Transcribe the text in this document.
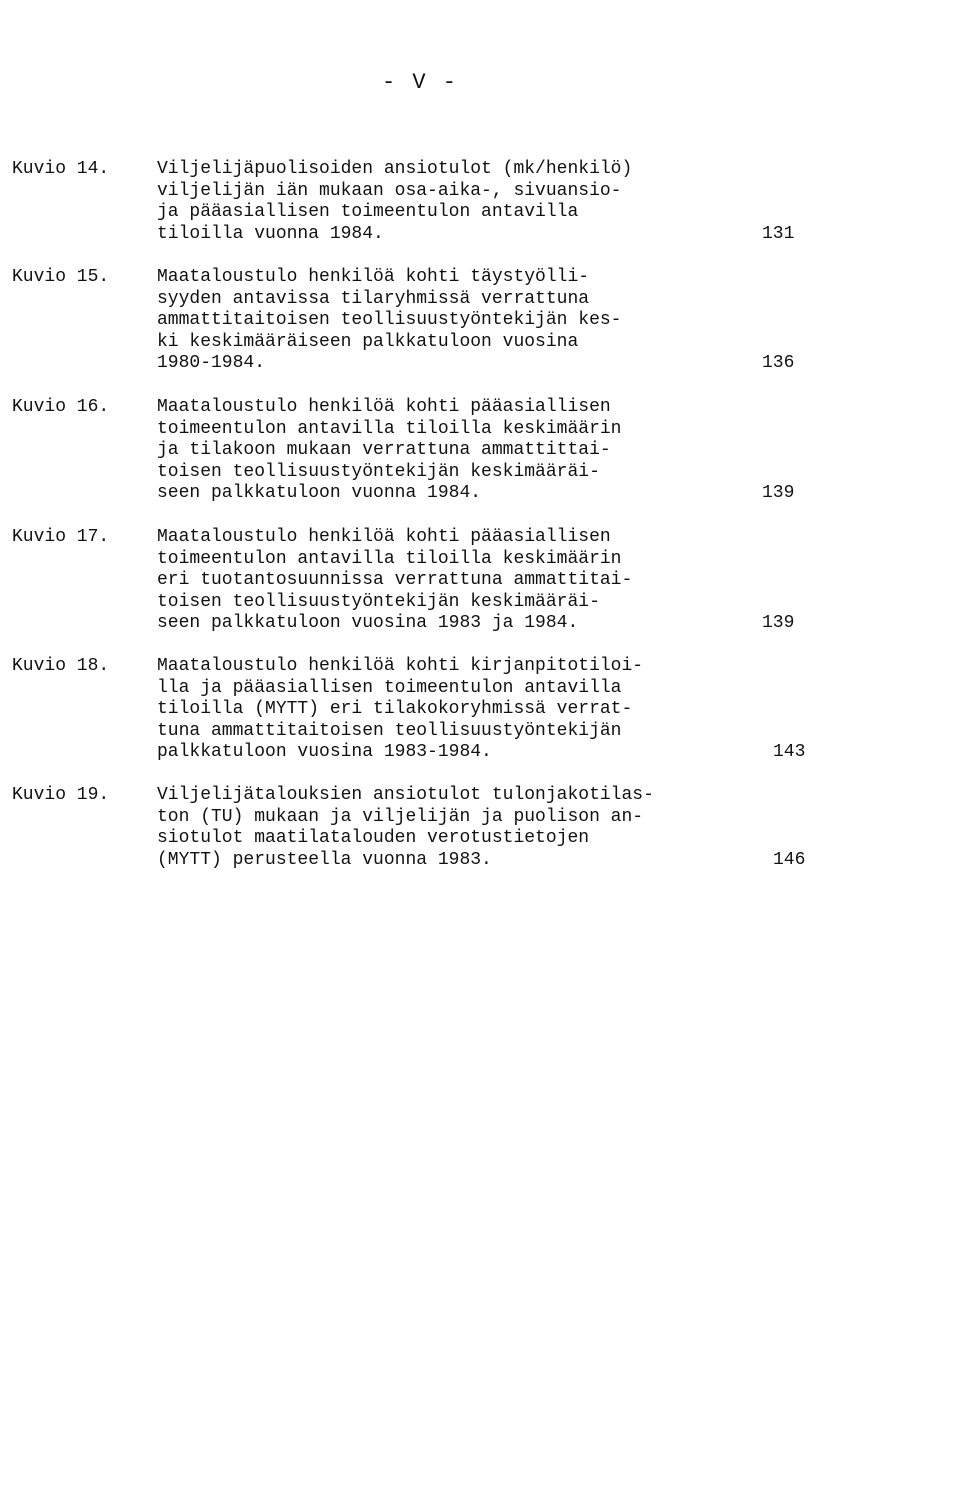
- V -
Kuvio 14.	Viljelijäpuolisoiden ansiotulot (mk/henkilö)
viljelijän iän mukaan osa-aika-, sivuansio-
ja pääasiallisen toimeentulon antavilla
tiloilla vuonna 1984.	131
Kuvio 15.	Maataloustulo henkilöä kohti täystyölli-
syyden antavissa tilaryhmissä verrattuna
ammattitaitoisen teollisuustyöntekijän kes-
ki keskimääräiseen palkkatuloon vuosina
1980-1984.	136
Kuvio 16.	Maataloustulo henkilöä kohti pääasiallisen
toimeentulon antavilla tiloilla keskimäärin
ja tilakoon mukaan verrattuna ammattittai-
toisen teollisuustyöntekijän keskimääräi-
seen palkkatuloon vuonna 1984.	139
Kuvio 17.	Maataloustulo henkilöä kohti pääasiallisen
toimeentulon antavilla tiloilla keskimäärin
eri tuotantosuunnissa verrattuna ammattitai-
toisen teollisuustyöntekijän keskimääräi-
seen palkkatuloon vuosina 1983 ja 1984.	139
Kuvio 18.	Maataloustulo henkilöä kohti kirjanpitotiloi-
lla ja pääasiallisen toimeentulon antavilla
tiloilla (MYTT) eri tilakokoryhmissä verrat-
tuna ammattitaitoisen teollisuustyöntekijän
palkkatuloon vuosina 1983-1984.	143
Kuvio 19.	Viljelijätalouksien ansiotulot tulonjakotilas-
ton (TU) mukaan ja viljelijän ja puolison an-
siotulot maatilatalouden verotustietojen
(MYTT) perusteella vuonna 1983.	146
